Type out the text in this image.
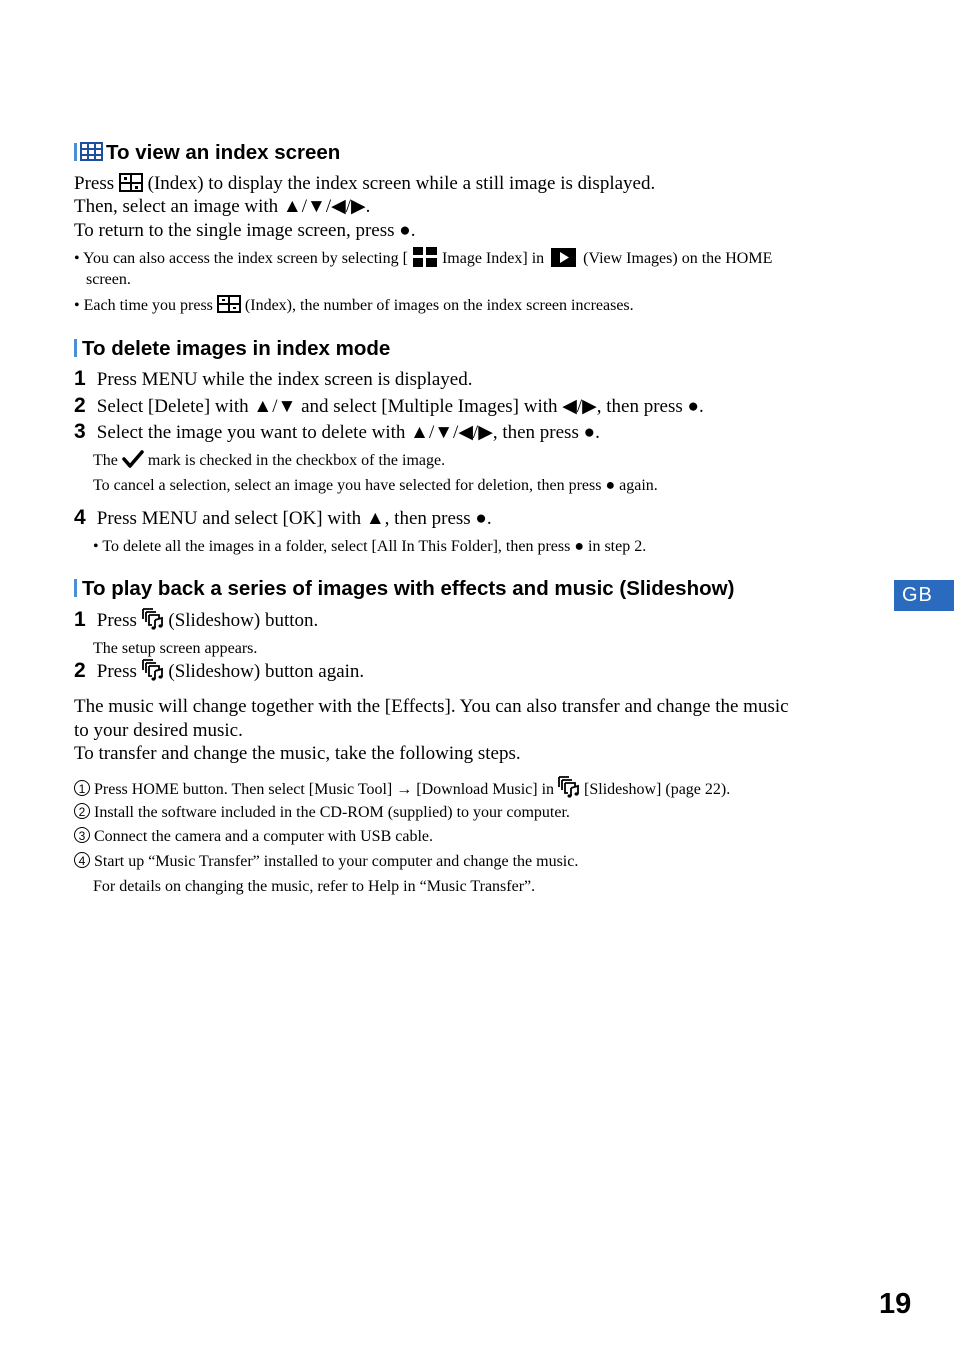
To view an index screen
Press (Index) to display the index screen while a still image is displayed.
Then, select an image with ▲/▼/◀/▶.
To return to the single image screen, press ●.
• You can also access the index screen by selecting [ Image Index] in (View Images) on the HOME
screen.
• Each time you press (Index), the number of images on the index screen increases.
To delete images in index mode
1 Press MENU while the index screen is displayed.
2 Select [Delete] with ▲/▼ and select [Multiple Images] with ◀/▶, then press ●.
3 Select the image you want to delete with ▲/▼/◀/▶, then press ●.
The mark is checked in the checkbox of the image.
To cancel a selection, select an image you have selected for deletion, then press ● again.
4 Press MENU and select [OK] with ▲, then press ●.
• To delete all the images in a folder, select [All In This Folder], then press ● in step 2.
To play back a series of images with effects and music (Slideshow)
1 Press (Slideshow) button.
The setup screen appears.
2 Press (Slideshow) button again.
The music will change together with the [Effects]. You can also transfer and change the music
to your desired music.
To transfer and change the music, take the following steps.
1 Press HOME button. Then select [Music Tool] → [Download Music] in [Slideshow] (page 22).
2 Install the software included in the CD-ROM (supplied) to your computer.
3 Connect the camera and a computer with USB cable.
4 Start up “Music Transfer” installed to your computer and change the music.
For details on changing the music, refer to Help in “Music Transfer”.
GB
19
